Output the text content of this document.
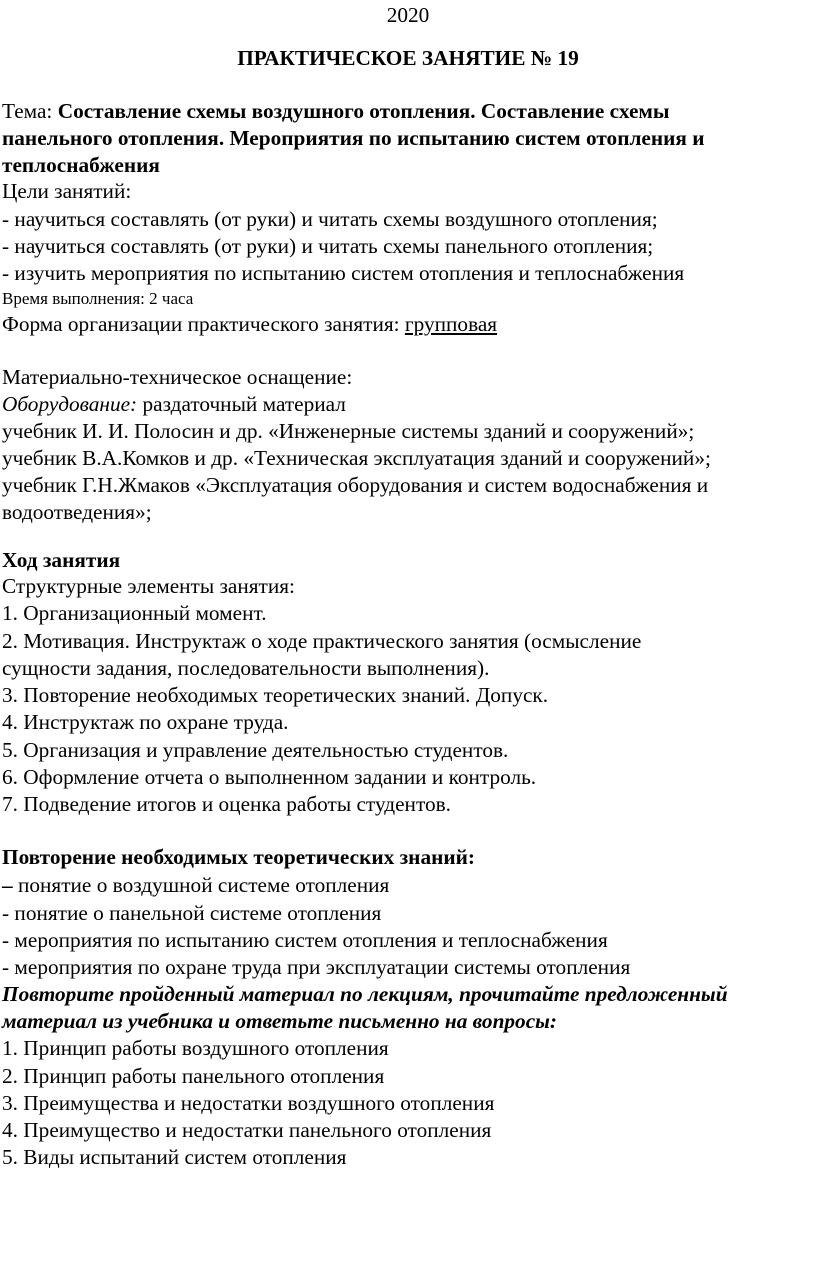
2020
ПРАКТИЧЕСКОЕ ЗАНЯТИЕ № 19
Тема: Составление схемы воздушного отопления. Составление схемы
панельного отопления. Мероприятия по испытанию систем отопления и
теплоснабжения
Цели занятий:
- научиться составлять (от руки) и читать схемы воздушного отопления;
- научиться составлять (от руки) и читать схемы панельного отопления;
- изучить мероприятия по испытанию систем отопления и теплоснабжения
Время выполнения: 2 часа
Форма организации практического занятия: групповая
Материально-техническое оснащение:
Оборудование: раздаточный материал
учебник И. И. Полосин и др. «Инженерные системы зданий и сооружений»;
учебник В.А.Комков и др. «Техническая эксплуатация зданий и сооружений»;
учебник Г.Н.Жмаков «Эксплуатация оборудования и систем водоснабжения и
водоотведения»;
Ход занятия
Структурные элементы занятия:
1. Организационный момент.
2. Мотивация. Инструктаж о ходе практического занятия (осмысление
сущности задания, последовательности выполнения).
3. Повторение необходимых теоретических знаний. Допуск.
4. Инструктаж по охране труда.
5. Организация и управление деятельностью студентов.
6. Оформление отчета о выполненном задании и контроль.
7. Подведение итогов и оценка работы студентов.
Повторение необходимых теоретических знаний:
– понятие о воздушной системе отопления
- понятие о панельной системе отопления
- мероприятия по испытанию систем отопления и теплоснабжения
- мероприятия по охране труда при эксплуатации системы отопления
Повторите пройденный материал по лекциям, прочитайте предложенный
материал из учебника и ответьте письменно на вопросы:
1. Принцип работы воздушного отопления
2. Принцип работы панельного отопления
3. Преимущества и недостатки воздушного отопления
4. Преимущество и недостатки панельного отопления
5. Виды испытаний систем отопления
